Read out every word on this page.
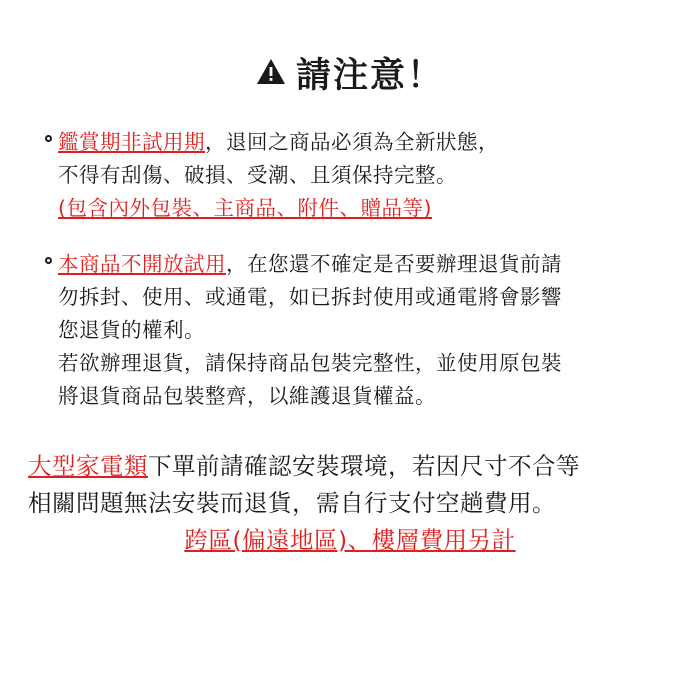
請注意！
鑑賞期非試用期，退回之商品必須為全新狀態，
不得有刮傷、破損、受潮、且須保持完整。
(包含內外包裝、主商品、附件、贈品等)
本商品不開放試用，在您還不確定是否要辦理退貨前請
勿拆封、使用、或通電，如已拆封使用或通電將會影響
您退貨的權利。
若欲辦理退貨，請保持商品包裝完整性，並使用原包裝
將退貨商品包裝整齊，以維護退貨權益。
大型家電類下單前請確認安裝環境，若因尺寸不合等
相關問題無法安裝而退貨，需自行支付空趟費用。
跨區(偏遠地區)、樓層費用另計
